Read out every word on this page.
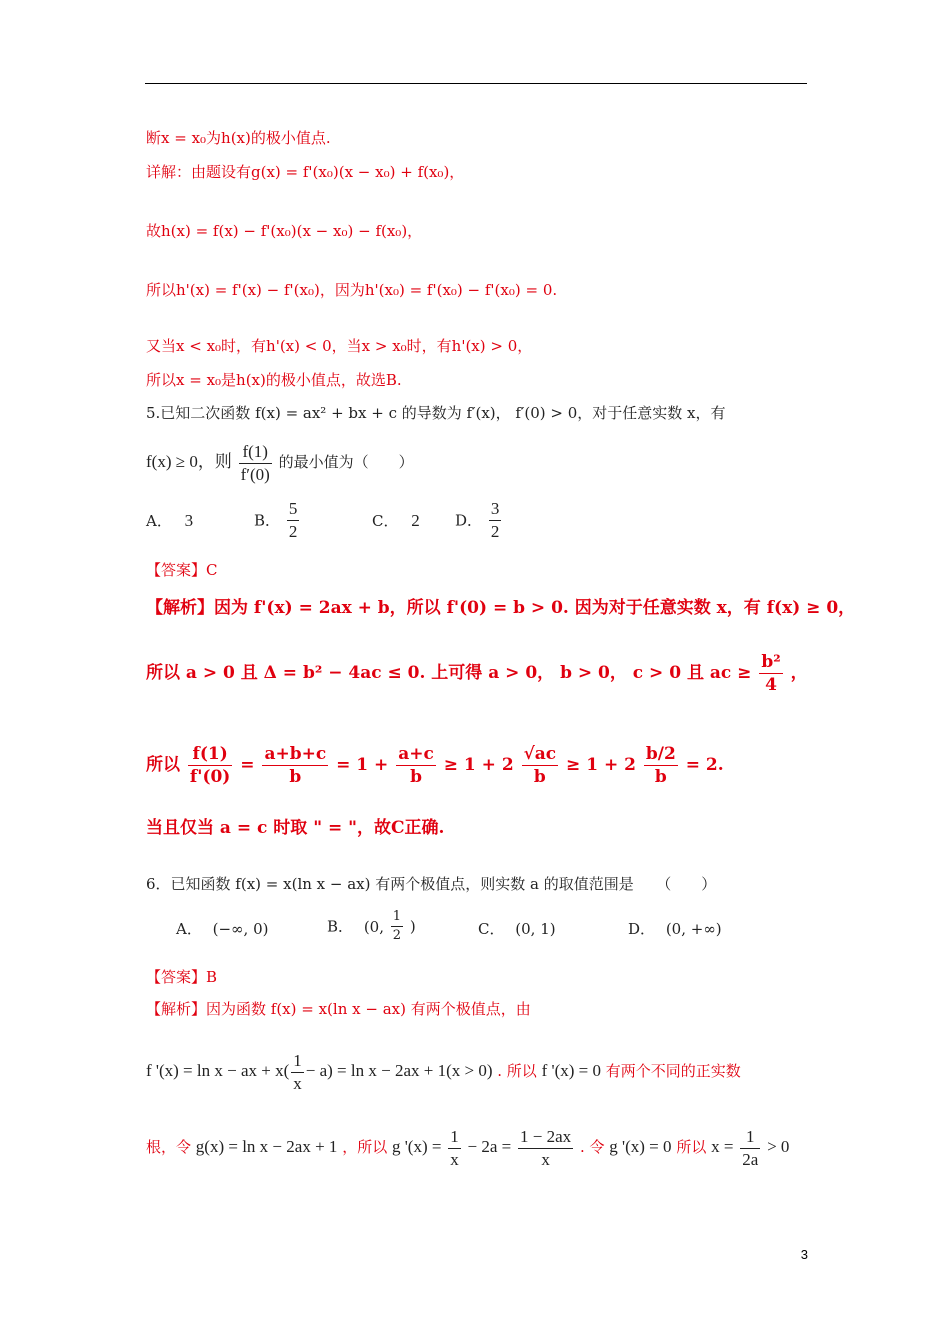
断x = x₀为h(x)的极小值点.
详解：由题设有g(x) = f'(x₀)(x − x₀) + f(x₀)，
故h(x) = f(x) − f'(x₀)(x − x₀) − f(x₀)，
所以h'(x) = f'(x) − f'(x₀)，因为h'(x₀) = f'(x₀) − f'(x₀) = 0.
又当x < x₀时，有h'(x) < 0，当x > x₀时，有h'(x) > 0，
所以x = x₀是h(x)的极小值点，故选B.
5.已知二次函数 f(x) = ax² + bx + c 的导数为 f′(x)， f′(0) > 0，对于任意实数 x，有
f(x) ≥ 0，则 $\frac{f(1)}{f'(0)}$ 的最小值为（　　）
A． 3	B． $\frac{5}{2}$	C． 2 D． $\frac{3}{2}$
【答案】C
【解析】因为 f'(x) = 2ax + b，所以 f'(0) = b > 0. 因为对于任意实数 x，有 f(x) ≥ 0，
所以 a > 0 且 Δ = b² − 4ac ≤ 0. 上可得 a > 0， b > 0， c > 0 且 ac ≥ $\frac{\text{b²}}{4}$ ，
所以 $\frac{f(1)}{f'(0)} = \frac{a+b+c}{b} = 1 + \frac{a+c}{b} \ge 1 + 2 \frac{√ac}{b} \ge 1 + 2 \frac{b/2}{b} = 2$.
当且仅当 a = c 时取 " = "，故C正确.
6．已知函数 f(x) = x(ln x − ax) 有两个极值点，则实数 a 的取值范围是　　（　　）
A． (−∞, 0)	B． (0, $\frac{1}{2}$ )	C． (0, 1)	D． (0, +∞)
【答案】B
【解析】因为函数 f(x) = x(ln x − ax) 有两个极值点，由
f '(x) = ln x − ax + $x( \frac{1}{x} - a) = \ln x - 2ax + 1(x > 0)$ . 所以 f '(x) = 0 有两个不同的正实数
根，令 g(x) = ln x − 2ax + 1 ，所以 g '$(x) = \frac{1}{x} - 2a = \frac{1 - 2ax}{x}$ . 令 g '(x) = 0 所以 $x = \frac{1}{2a} > 0$
3
